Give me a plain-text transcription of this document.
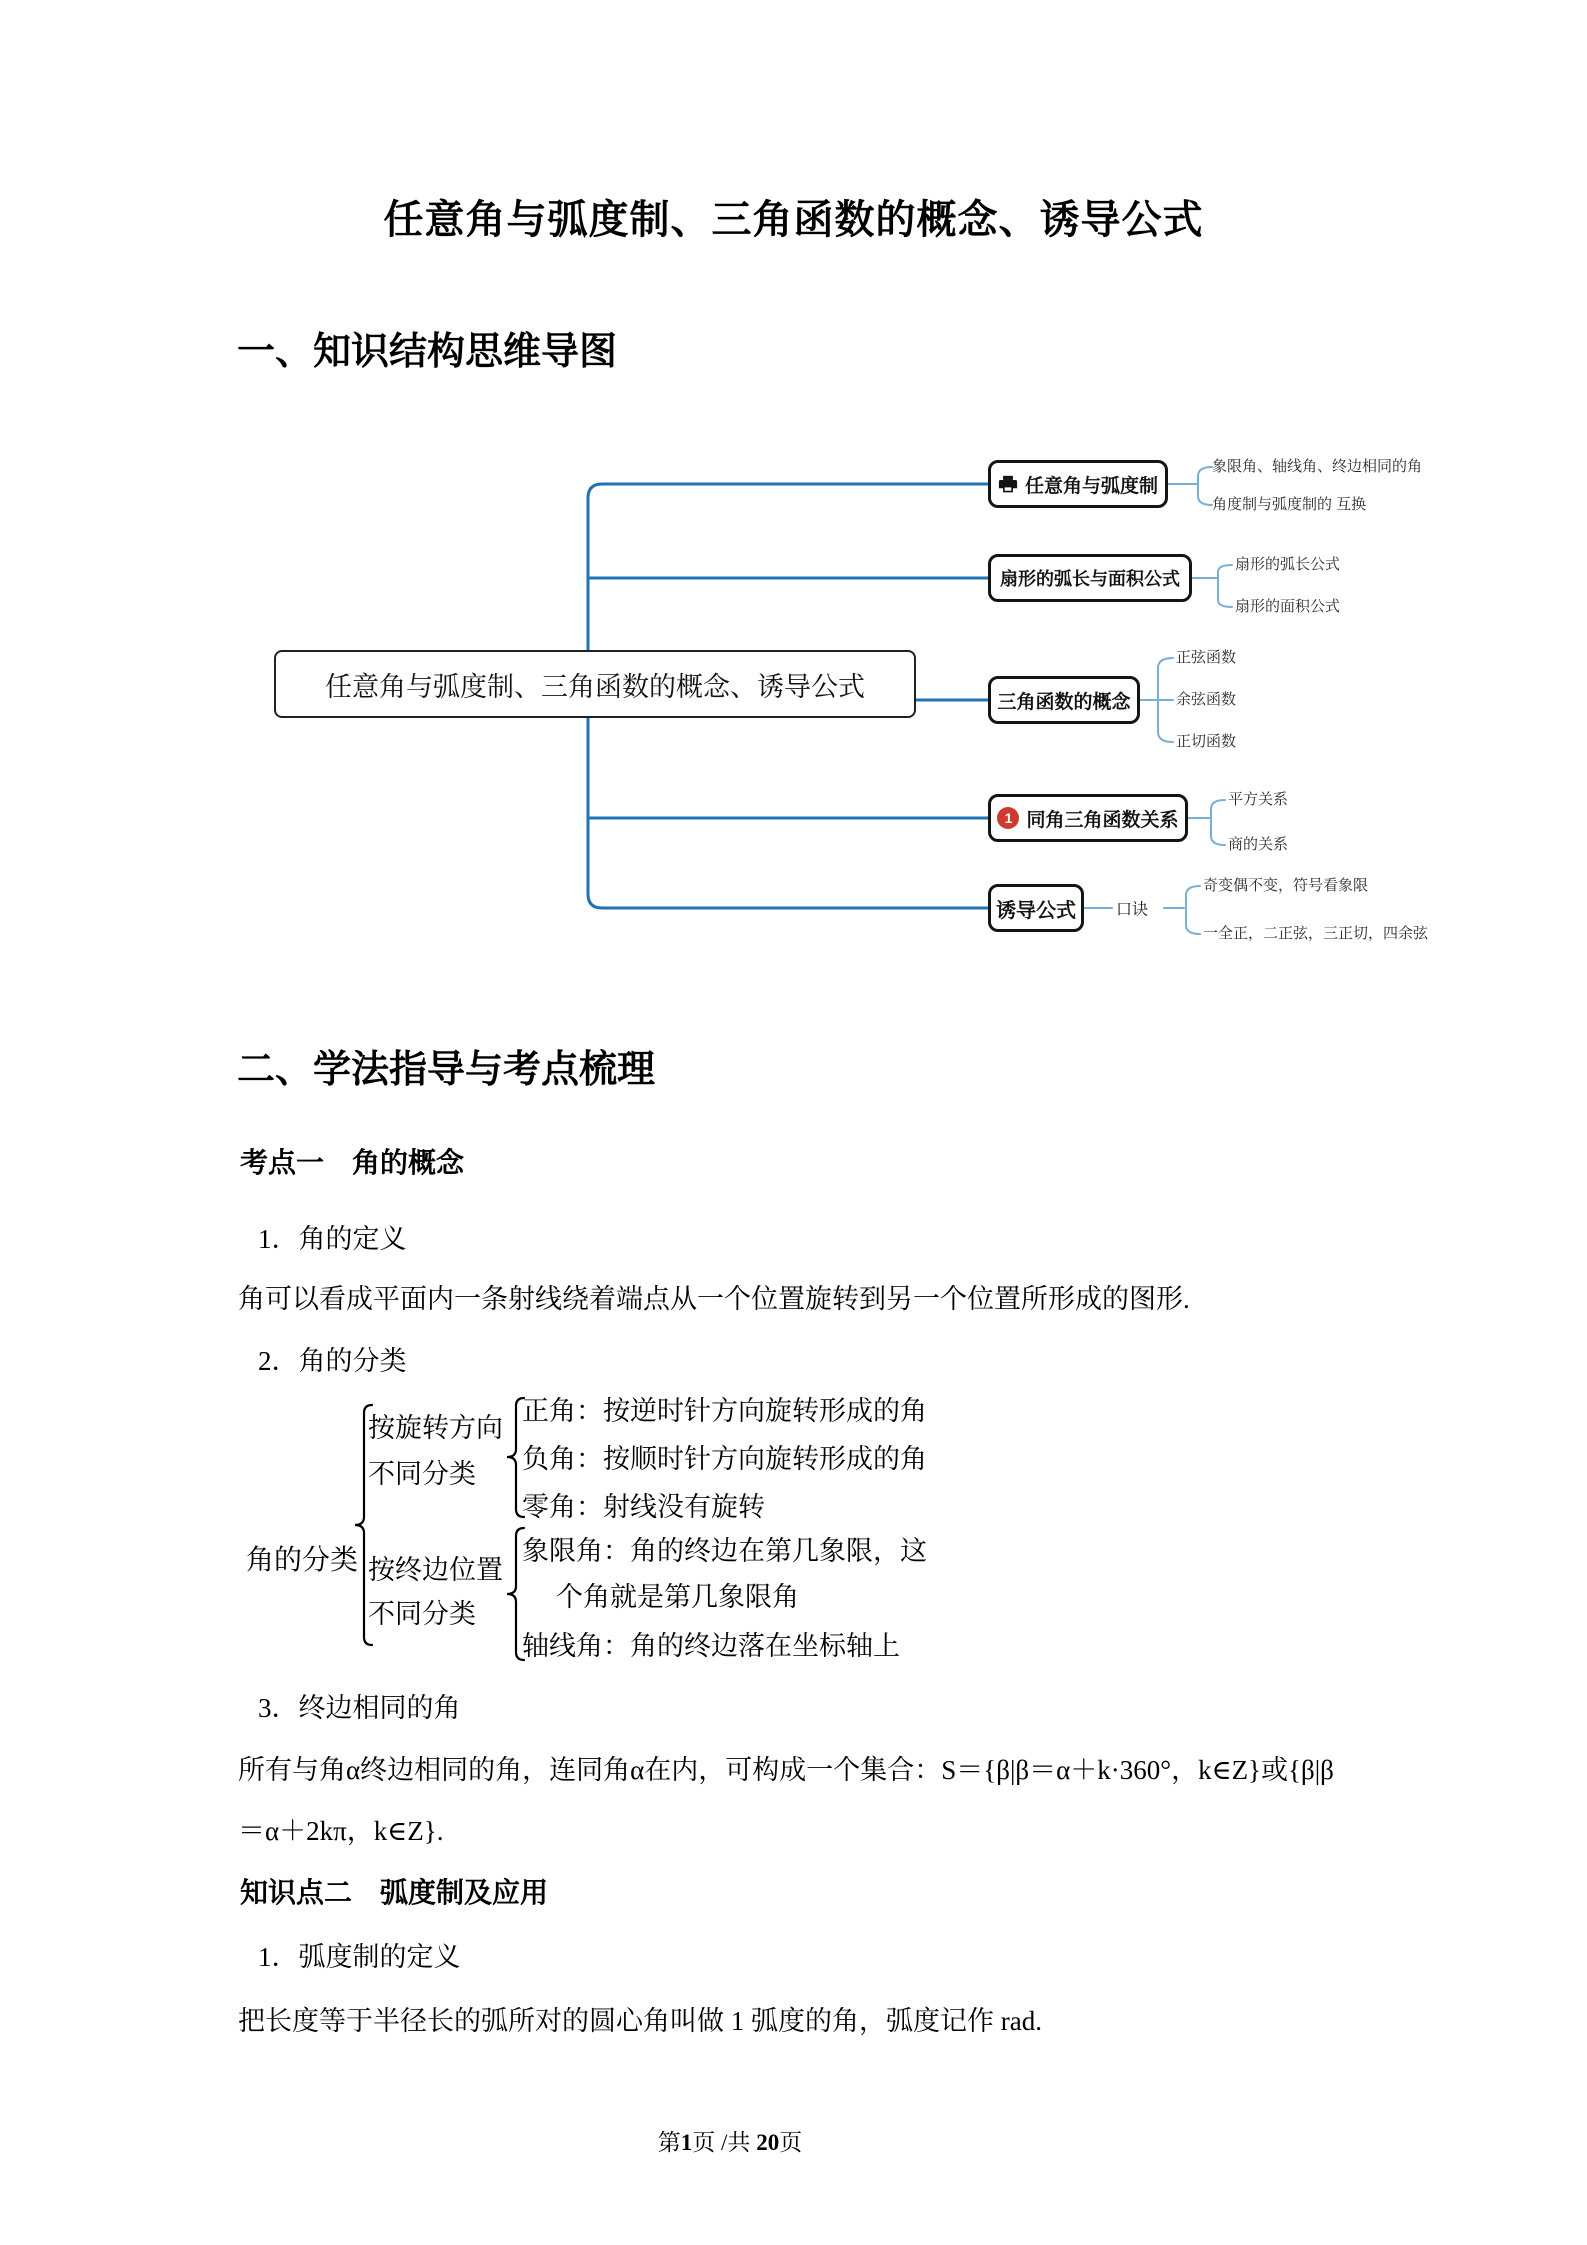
任意角与弧度制、三角函数的概念、诱导公式
一、知识结构思维导图
任意角与弧度制、三角函数的概念、诱导公式
任意角与弧度制
象限角、轴线角、终边相同的角
角度制与弧度制的 互换
扇形的弧长与面积公式
扇形的弧长公式
扇形的面积公式
三角函数的概念
正弦函数
余弦函数
正切函数
1 同角三角函数关系
平方关系
商的关系
诱导公式	口诀
奇变偶不变，符号看象限
一全正，二正弦，三正切，四余弦
二、学法指导与考点梳理
考点一　角的概念
1．角的定义
角可以看成平面内一条射线绕着端点从一个位置旋转到另一个位置所形成的图形.
2．角的分类
角的分类
按旋转方向
不同分类
正角：按逆时针方向旋转形成的角
负角：按顺时针方向旋转形成的角
零角：射线没有旋转
按终边位置
不同分类
象限角：角的终边在第几象限，这
个角就是第几象限角
轴线角：角的终边落在坐标轴上
3．终边相同的角
所有与角α终边相同的角，连同角α在内，可构成一个集合：S＝{β|β＝α＋k·360°，k∈Z}或{β|β
＝α＋2kπ，k∈Z}.
知识点二　弧度制及应用
1．弧度制的定义
把长度等于半径长的弧所对的圆心角叫做 1 弧度的角，弧度记作 rad.
第1页 /共 20页
